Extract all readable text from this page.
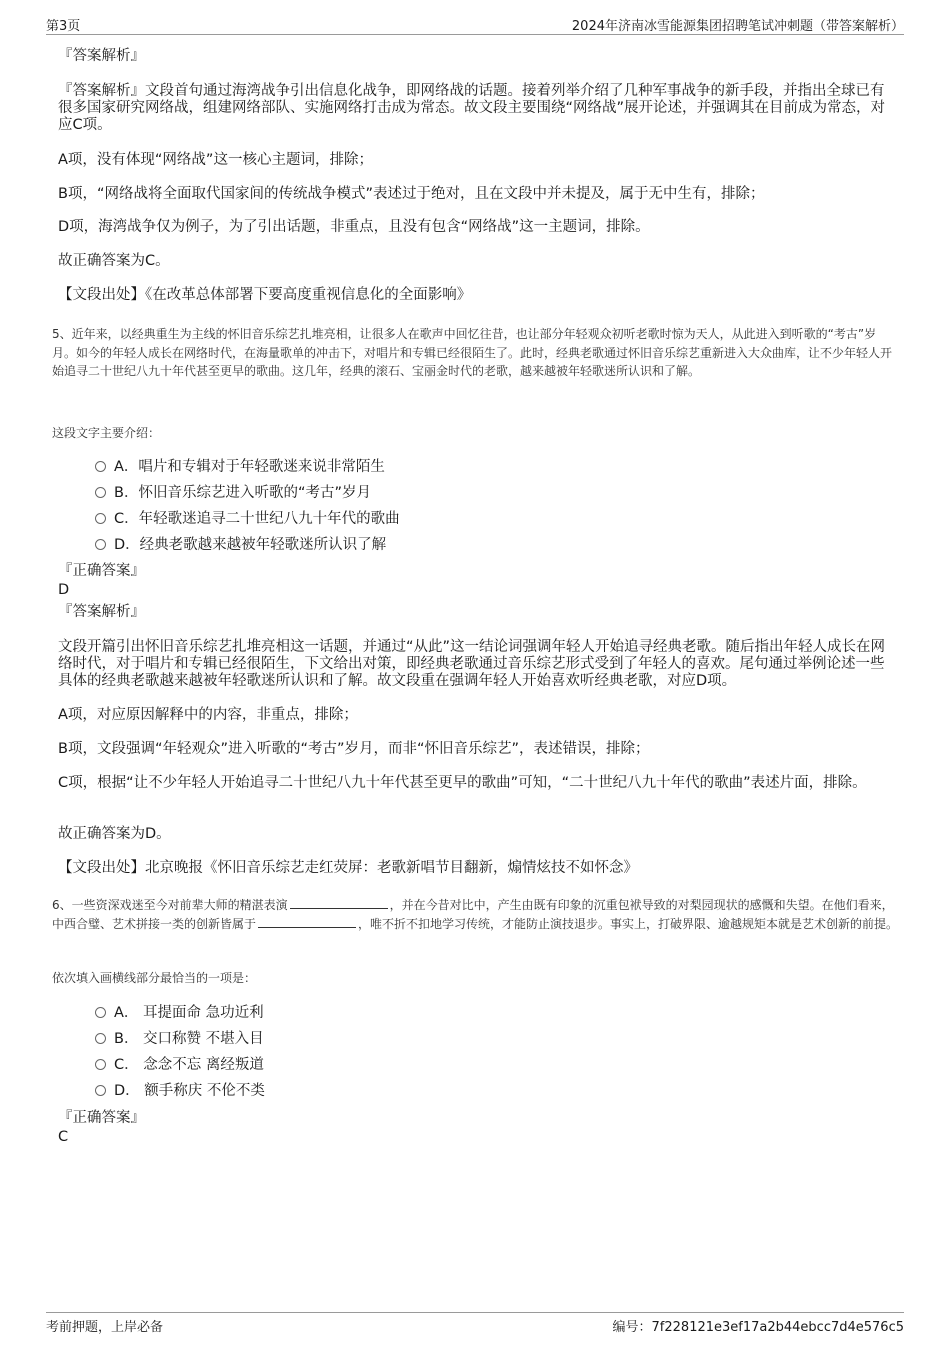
第3页	2024年济南冰雪能源集团招聘笔试冲刺题（带答案解析）
『答案解析』
『答案解析』文段首句通过海湾战争引出信息化战争，即网络战的话题。接着列举介绍了几种军事战争的新手段，并指出全球已有很多国家研究网络战，组建网络部队、实施网络打击成为常态。故文段主要围绕“网络战”展开论述，并强调其在目前成为常态，对应C项。
A项，没有体现“网络战”这一核心主题词，排除；
B项，“网络战将全面取代国家间的传统战争模式”表述过于绝对，且在文段中并未提及，属于无中生有，排除；
D项，海湾战争仅为例子，为了引出话题，非重点，且没有包含“网络战”这一主题词，排除。
故正确答案为C。
【文段出处】《在改革总体部署下要高度重视信息化的全面影响》
5、近年来，以经典重生为主线的怀旧音乐综艺扎堆亮相，让很多人在歌声中回忆往昔，也让部分年轻观众初听老歌时惊为天人，从此进入到听歌的“考古”岁月。如今的年轻人成长在网络时代，在海量歌单的冲击下，对唱片和专辑已经很陌生了。此时，经典老歌通过怀旧音乐综艺重新进入大众曲库，让不少年轻人开始追寻二十世纪八九十年代甚至更早的歌曲。这几年，经典的滚石、宝丽金时代的老歌，越来越被年轻歌迷所认识和了解。
这段文字主要介绍：
A．唱片和专辑对于年轻歌迷来说非常陌生
B．怀旧音乐综艺进入听歌的“考古”岁月
C．年轻歌迷追寻二十世纪八九十年代的歌曲
D．经典老歌越来越被年轻歌迷所认识了解
『正确答案』
D
『答案解析』
文段开篇引出怀旧音乐综艺扎堆亮相这一话题，并通过“从此”这一结论词强调年轻人开始追寻经典老歌。随后指出年轻人成长在网络时代，对于唱片和专辑已经很陌生，下文给出对策，即经典老歌通过音乐综艺形式受到了年轻人的喜欢。尾句通过举例论述一些具体的经典老歌越来越被年轻歌迷所认识和了解。故文段重在强调年轻人开始喜欢听经典老歌，对应D项。
A项，对应原因解释中的内容，非重点，排除；
B项，文段强调“年轻观众”进入听歌的“考古”岁月，而非“怀旧音乐综艺”，表述错误，排除；
C项，根据“让不少年轻人开始追寻二十世纪八九十年代甚至更早的歌曲”可知，“二十世纪八九十年代的歌曲”表述片面，排除。
故正确答案为D。
【文段出处】北京晚报《怀旧音乐综艺走红荧屏：老歌新唱节目翻新，煽情炫技不如怀念》
6、一些资深戏迷至今对前辈大师的精湛表演	，并在今昔对比中，产生由既有印象的沉重包袱导致的对梨园现状的感慨和失望。在他们看来，中西合璧、艺术拼接一类的创新皆属于	，唯不折不扣地学习传统，才能防止演技退步。事实上，打破界限、逾越规矩本就是艺术创新的前提。
依次填入画横线部分最恰当的一项是：
A． 耳提面命 急功近利
B． 交口称赞 不堪入目
C． 念念不忘 离经叛道
D． 额手称庆 不伦不类
『正确答案』
C
考前押题，上岸必备	编号：7f228121e3ef17a2b44ebcc7d4e576c5
